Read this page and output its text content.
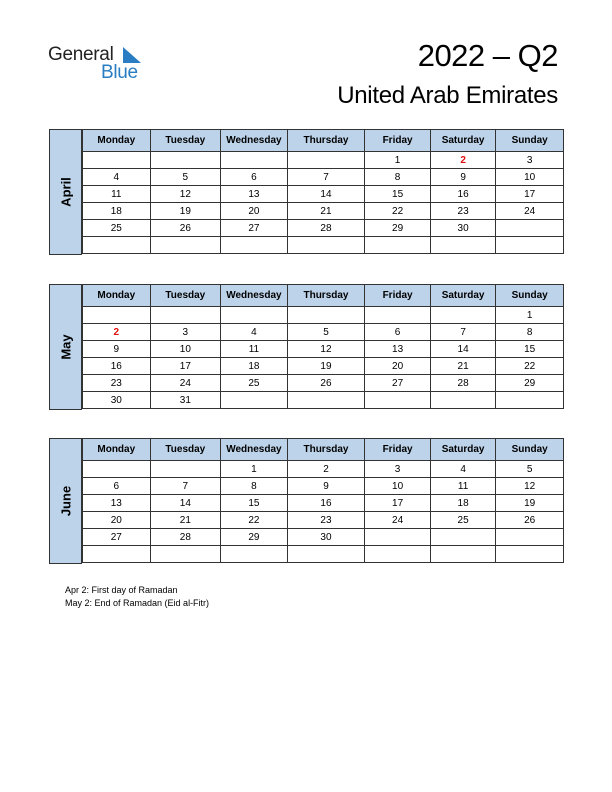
General
Blue	2022 – Q2
United Arab Emirates
April
Monday	Tuesday	Wednesday	Thursday	Friday	Saturday	Sunday
				1	2	3
4	5	6	7	8	9	10
11	12	13	14	15	16	17
18	19	20	21	22	23	24
25	26	27	28	29	30	

May
Monday	Tuesday	Wednesday	Thursday	Friday	Saturday	Sunday
						1
2	3	4	5	6	7	8
9	10	11	12	13	14	15
16	17	18	19	20	21	22
23	24	25	26	27	28	29
30	31					
June
Monday	Tuesday	Wednesday	Thursday	Friday	Saturday	Sunday
		1	2	3	4	5
6	7	8	9	10	11	12
13	14	15	16	17	18	19
20	21	22	23	24	25	26
27	28	29	30			

Apr 2: First day of Ramadan
May 2: End of Ramadan (Eid al-Fitr)
